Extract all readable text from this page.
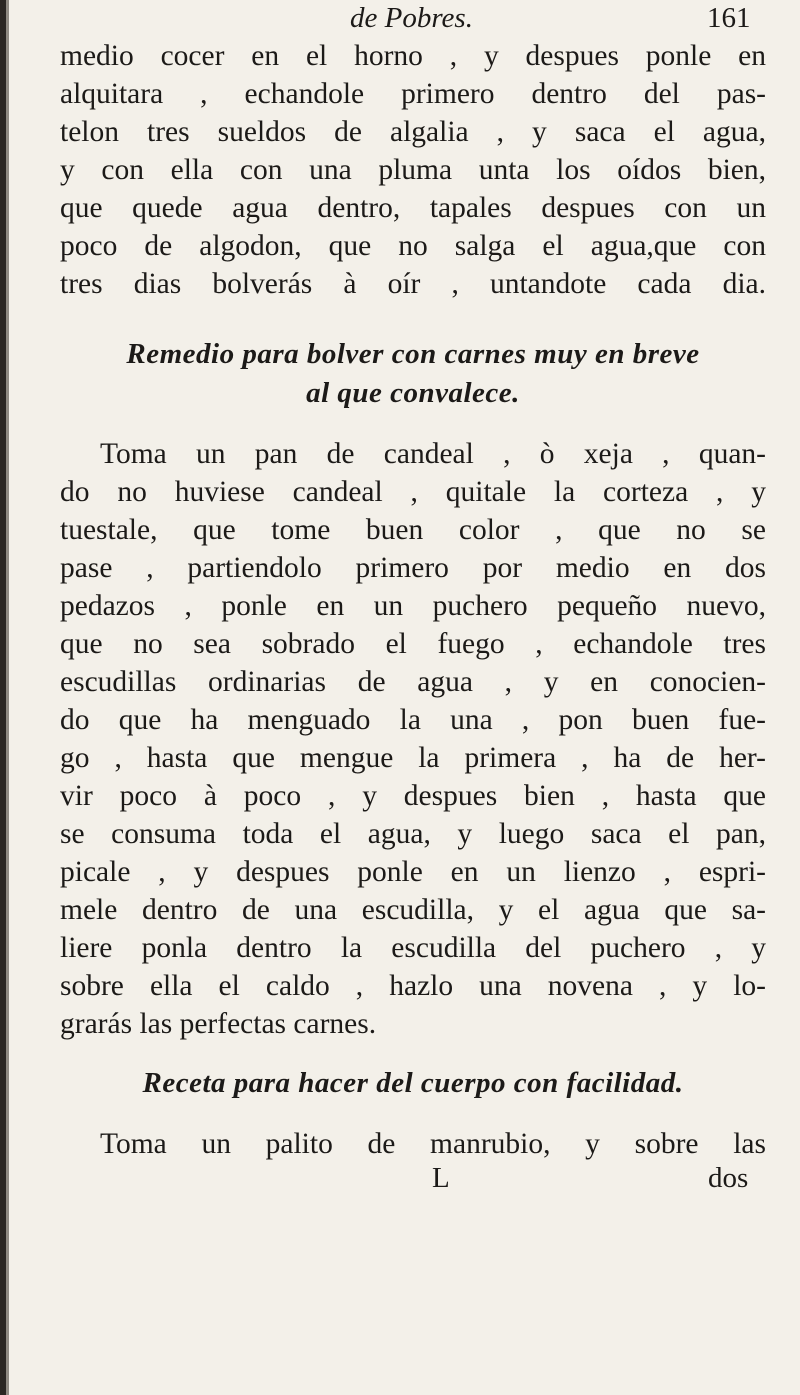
de Pobres.	161
medio cocer en el horno , y despues ponle en
alquitara , echandole primero dentro del pas-
telon tres sueldos de algalia , y saca el agua,
y con ella con una pluma unta los oídos bien,
que quede agua dentro, tapales despues con un
poco de algodon, que no salga el agua,que con
tres dias bolverás à oír , untandote cada dia.
Remedio para bolver con carnes muy en breve
al que convalece.
Toma un pan de candeal , ò xeja , quan-
do no huviese candeal , quitale la corteza , y
tuestale, que tome buen color , que no se
pase , partiendolo primero por medio en dos
pedazos , ponle en un puchero pequeño nuevo,
que no sea sobrado el fuego , echandole tres
escudillas ordinarias de agua , y en conocien-
do que ha menguado la una , pon buen fue-
go , hasta que mengue la primera , ha de her-
vir poco à poco , y despues bien , hasta que
se consuma toda el agua, y luego saca el pan,
picale , y despues ponle en un lienzo , espri-
mele dentro de una escudilla, y el agua que sa-
liere ponla dentro la escudilla del puchero , y
sobre ella el caldo , hazlo una novena , y lo-
grarás las perfectas carnes.
Receta para hacer del cuerpo con facilidad.
Toma un palito de manrubio, y sobre las
L	dos
